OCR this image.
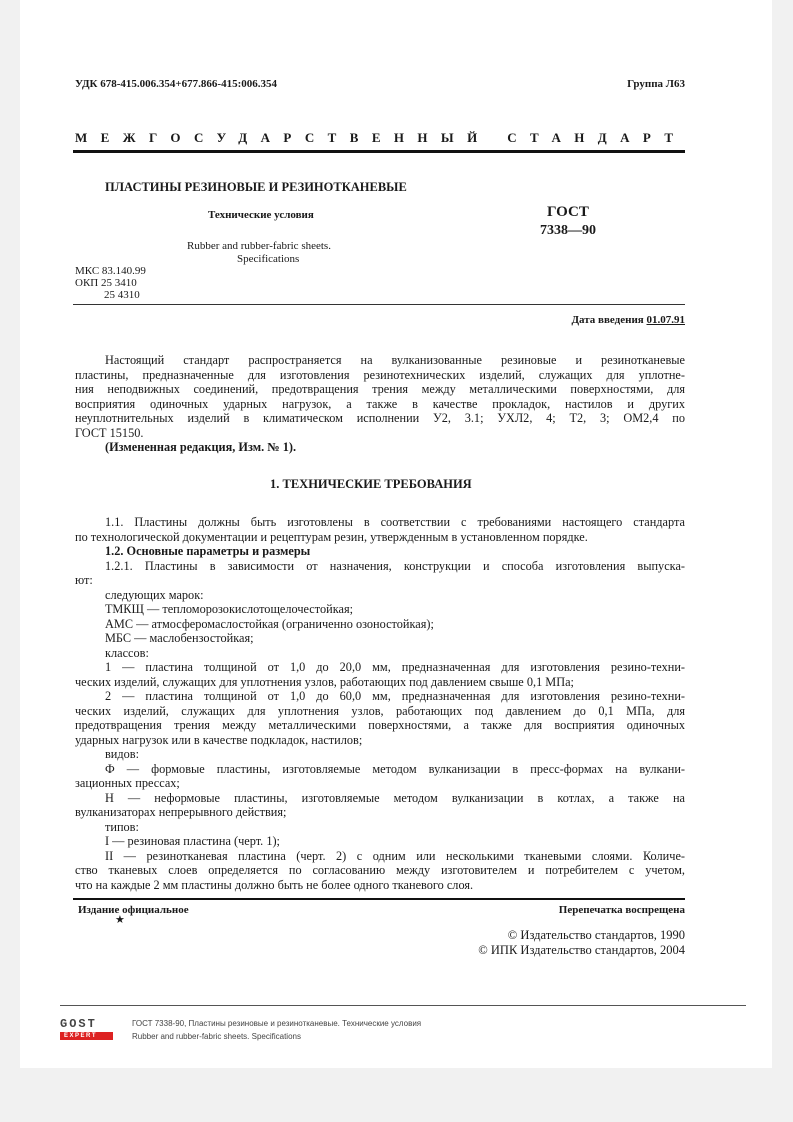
УДК 678-415.006.354+677.866-415:006.354	Группа Л63
МЕЖГОСУДАРСТВЕННЫЙ СТАНДАРТ
ПЛАСТИНЫ РЕЗИНОВЫЕ И РЕЗИНОТКАНЕВЫЕ
Технические условия
Rubber and rubber-fabric sheets.
Specifications
ГОСТ
7338—90
МКС 83.140.99
ОКП 25 3410
25 4310
Дата введения 01.07.91
Настоящий стандарт распространяется на вулканизованные резиновые и резинотканевые
пластины, предназначенные для изготовления резинотехнических изделий, служащих для уплотне-
ния неподвижных соединений, предотвращения трения между металлическими поверхностями, для
восприятия одиночных ударных нагрузок, а также в качестве прокладок, настилов и других
неуплотнительных изделий в климатическом исполнении У2, 3.1; УХЛ2, 4; Т2, 3; ОМ2,4 по
ГОСТ 15150.
(Измененная редакция, Изм. № 1).
1. ТЕХНИЧЕСКИЕ ТРЕБОВАНИЯ
1.1. Пластины должны быть изготовлены в соответствии с требованиями настоящего стандарта
по технологической документации и рецептурам резин, утвержденным в установленном порядке.
1.2. Основные параметры и размеры
1.2.1. Пластины в зависимости от назначения, конструкции и способа изготовления выпуска-
ют:
следующих марок:
ТМКЩ — тепломорозокислотощелочестойкая;
АМС — атмосферомаслостойкая (ограниченно озоностойкая);
МБС — маслобензостойкая;
классов:
1 — пластина толщиной от 1,0 до 20,0 мм, предназначенная для изготовления резино-техни-
ческих изделий, служащих для уплотнения узлов, работающих под давлением свыше 0,1 МПа;
2 — пластина толщиной от 1,0 до 60,0 мм, предназначенная для изготовления резино-техни-
ческих изделий, служащих для уплотнения узлов, работающих под давлением до 0,1 МПа, для
предотвращения трения между металлическими поверхностями, а также для восприятия одиночных
ударных нагрузок или в качестве подкладок, настилов;
видов:
Ф — формовые пластины, изготовляемые методом вулканизации в пресс-формах на вулкани-
зационных прессах;
Н — неформовые пластины, изготовляемые методом вулканизации в котлах, а также на
вулканизаторах непрерывного действия;
типов:
I — резиновая пластина (черт. 1);
II — резинотканевая пластина (черт. 2) с одним или несколькими тканевыми слоями. Количе-
ство тканевых слоев определяется по согласованию между изготовителем и потребителем с учетом,
что на каждые 2 мм пластины должно быть не более одного тканевого слоя.
Издание официальное
★
Перепечатка воспрещена
© Издательство стандартов, 1990
© ИПК Издательство стандартов, 2004
GOST
EXPERT
ГОСТ 7338-90, Пластины резиновые и резинотканевые. Технические условия
Rubber and rubber-fabric sheets. Specifications
